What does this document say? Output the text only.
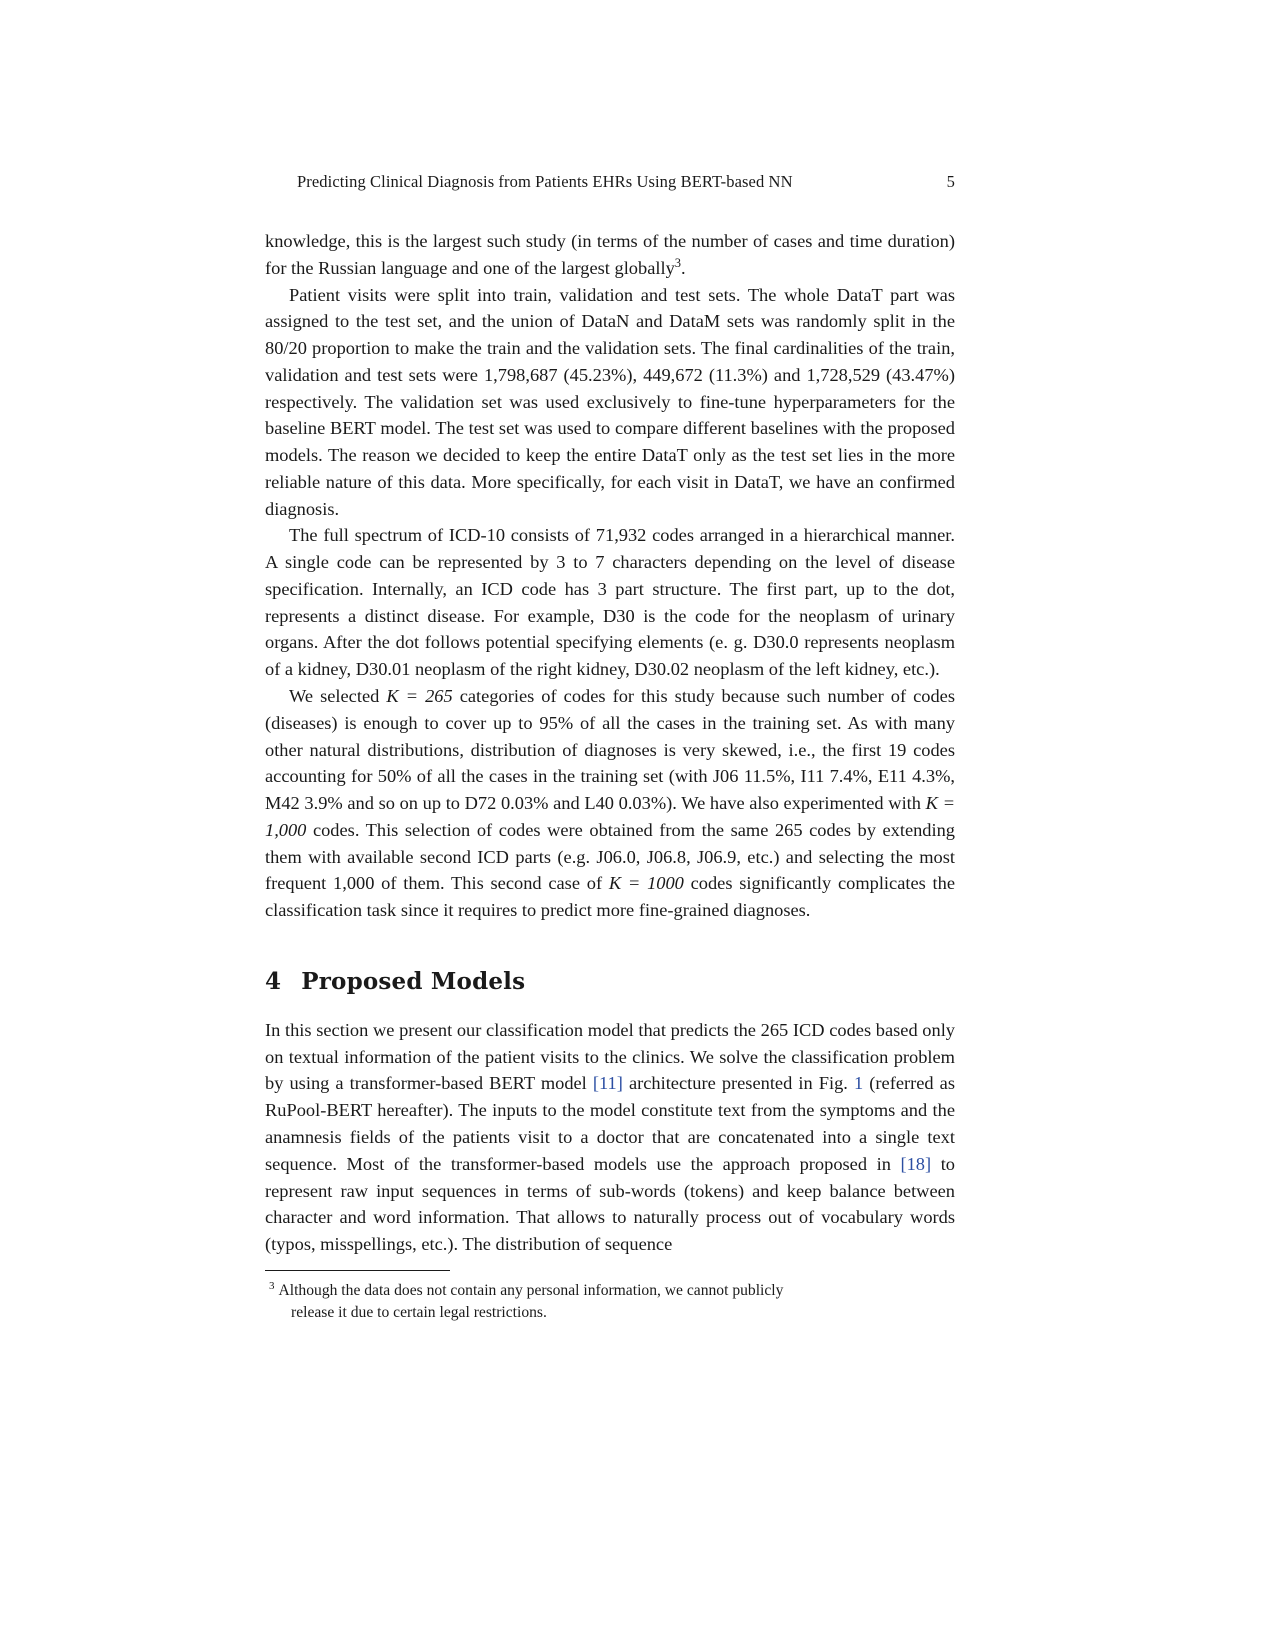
Predicting Clinical Diagnosis from Patients EHRs Using BERT-based NN	5

knowledge, this is the largest such study (in terms of the number of cases and time duration) for the Russian language and one of the largest globally$^3$.

Patient visits were split into train, validation and test sets. The whole DataT part was assigned to the test set, and the union of DataN and DataM sets was randomly split in the 80/20 proportion to make the train and the validation sets. The final cardinalities of the train, validation and test sets were 1,798,687 (45.23%), 449,672 (11.3%) and 1,728,529 (43.47%) respectively. The validation set was used exclusively to fine-tune hyperparameters for the baseline BERT model. The test set was used to compare different baselines with the proposed models. The reason we decided to keep the entire DataT only as the test set lies in the more reliable nature of this data. More specifically, for each visit in DataT, we have an confirmed diagnosis.

The full spectrum of ICD-10 consists of 71,932 codes arranged in a hierarchical manner. A single code can be represented by 3 to 7 characters depending on the level of disease specification. Internally, an ICD code has 3 part structure. The first part, up to the dot, represents a distinct disease. For example, D30 is the code for the neoplasm of urinary organs. After the dot follows potential specifying elements (e. g. D30.0 represents neoplasm of a kidney, D30.01 neoplasm of the right kidney, D30.02 neoplasm of the left kidney, etc.).

We selected K = 265 categories of codes for this study because such number of codes (diseases) is enough to cover up to 95% of all the cases in the training set. As with many other natural distributions, distribution of diagnoses is very skewed, i.e., the first 19 codes accounting for 50% of all the cases in the training set (with J06 11.5%, I11 7.4%, E11 4.3%, M42 3.9% and so on up to D72 0.03% and L40 0.03%). We have also experimented with K = 1,000 codes. This selection of codes were obtained from the same 265 codes by extending them with available second ICD parts (e.g. J06.0, J06.8, J06.9, etc.) and selecting the most frequent 1,000 of them. This second case of K = 1000 codes significantly complicates the classification task since it requires to predict more fine-grained diagnoses.

4 Proposed Models

In this section we present our classification model that predicts the 265 ICD codes based only on textual information of the patient visits to the clinics. We solve the classification problem by using a transformer-based BERT model [11] architecture presented in Fig. 1 (referred as RuPool-BERT hereafter). The inputs to the model constitute text from the symptoms and the anamnesis fields of the patients visit to a doctor that are concatenated into a single text sequence. Most of the transformer-based models use the approach proposed in [18] to represent raw input sequences in terms of sub-words (tokens) and keep balance between character and word information. That allows to naturally process out of vocabulary words (typos, misspellings, etc.). The distribution of sequence

$^3$ Although the data does not contain any personal information, we cannot publicly
release it due to certain legal restrictions.
